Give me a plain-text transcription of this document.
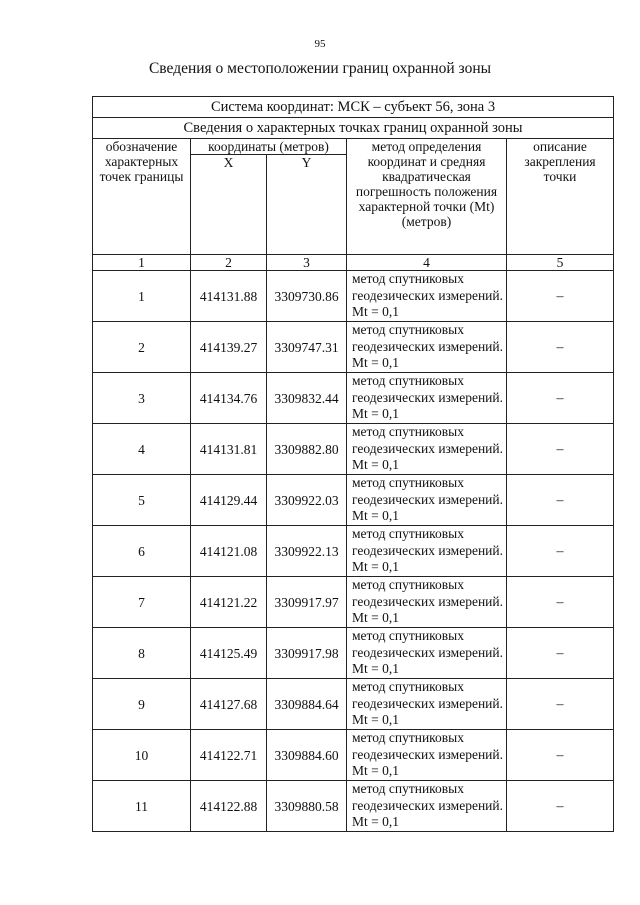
95
Сведения о местоположении границ охранной зоны
Система координат: МСК – субъект 56, зона 3				
Сведения о характерных точках границ охранной зоны				
обозначение характерных точек границы	координаты (метров)		метод определения координат и средняя квадратическая погрешность положения характерной точки (Mt) (метров)	описание закрепления точки
	X	Y		
1	2	3	4	5
1	414131.88	3309730.86	метод спутниковых геодезических измерений. Mt = 0,1	–
2	414139.27	3309747.31	метод спутниковых геодезических измерений. Mt = 0,1	–
3	414134.76	3309832.44	метод спутниковых геодезических измерений. Mt = 0,1	–
4	414131.81	3309882.80	метод спутниковых геодезических измерений. Mt = 0,1	–
5	414129.44	3309922.03	метод спутниковых геодезических измерений. Mt = 0,1	–
6	414121.08	3309922.13	метод спутниковых геодезических измерений. Mt = 0,1	–
7	414121.22	3309917.97	метод спутниковых геодезических измерений. Mt = 0,1	–
8	414125.49	3309917.98	метод спутниковых геодезических измерений. Mt = 0,1	–
9	414127.68	3309884.64	метод спутниковых геодезических измерений. Mt = 0,1	–
10	414122.71	3309884.60	метод спутниковых геодезических измерений. Mt = 0,1	–
11	414122.88	3309880.58	метод спутниковых геодезических измерений. Mt = 0,1	–
